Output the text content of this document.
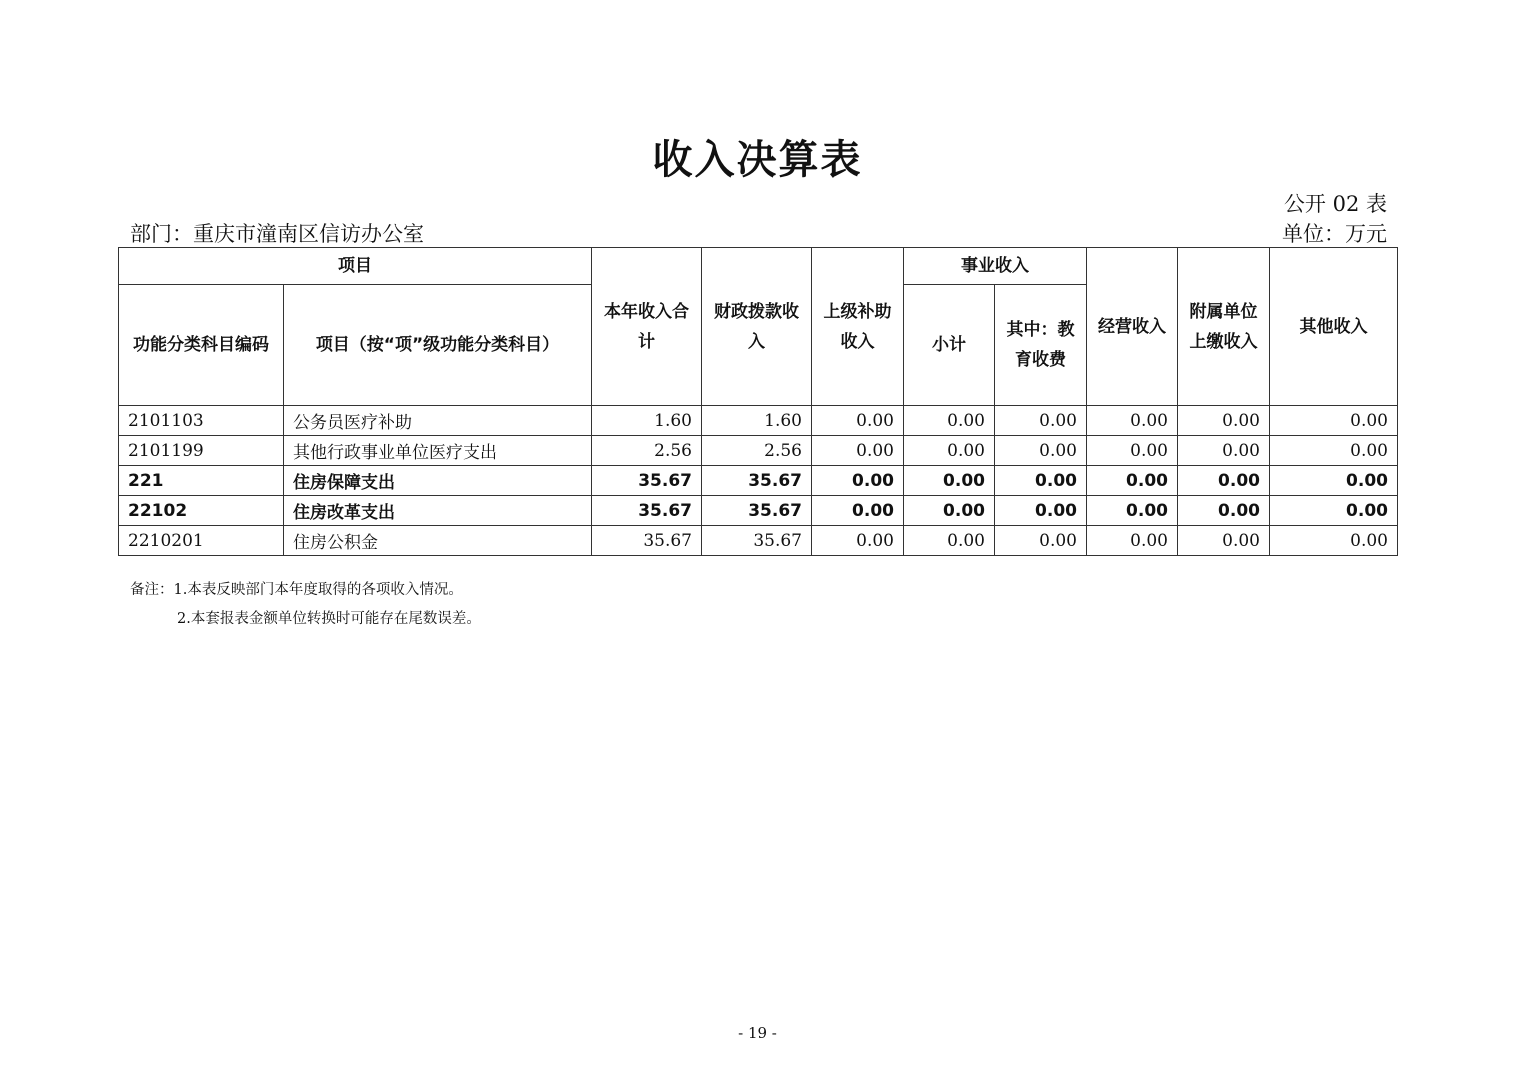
收入决算表
公开 02 表
部门：重庆市潼南区信访办公室	单位：万元
项目		本年收入合计	财政拨款收入	上级补助收入	事业收入		经营收入	附属单位上缴收入	其他收入
功能分类科目编码	项目（按“项”级功能分类科目）				小计	其中：教育收费			
2101103	公务员医疗补助	1.60	1.60	0.00	0.00	0.00	0.00	0.00	0.00
2101199	其他行政事业单位医疗支出	2.56	2.56	0.00	0.00	0.00	0.00	0.00	0.00
221	住房保障支出	35.67	35.67	0.00	0.00	0.00	0.00	0.00	0.00
22102	住房改革支出	35.67	35.67	0.00	0.00	0.00	0.00	0.00	0.00
2210201	住房公积金	35.67	35.67	0.00	0.00	0.00	0.00	0.00	0.00
备注：1.本表反映部门本年度取得的各项收入情况。
2.本套报表金额单位转换时可能存在尾数误差。
- 19 -
